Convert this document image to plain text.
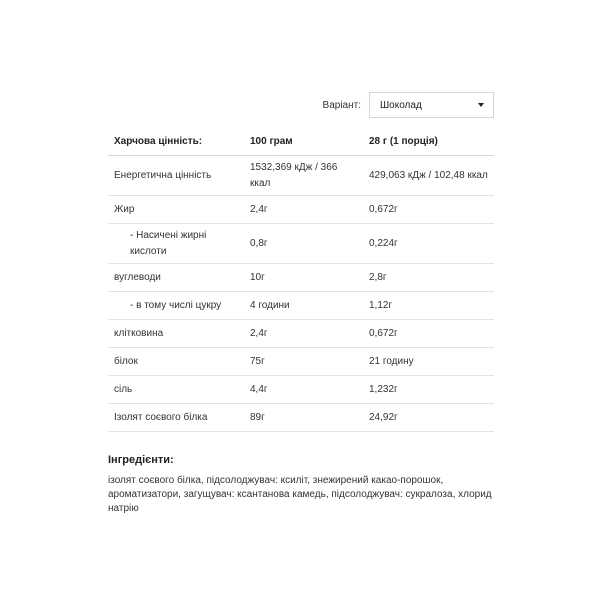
Варіант: Шоколад
Харчова цінність:	100 грам	28 г (1 порція)
Енергетична цінність	1532,369 кДж / 366 ккал	429,063 кДж / 102,48 ккал
Жир	2,4г	0,672г
- Насичені жирні кислоти	0,8г	0,224г
вуглеводи	10г	2,8г
- в тому числі цукру	4 години	1,12г
клітковина	2,4г	0,672г
білок	75г	21 годину
сіль	4,4г	1,232г
Ізолят соєвого білка	89г	24,92г
Інгредієнти:
ізолят соєвого білка, підсолоджувач: ксиліт, знежирений какао-порошок, ароматизатори, загущувач: ксантанова камедь, підсолоджувач: сукралоза, хлорид натрію
